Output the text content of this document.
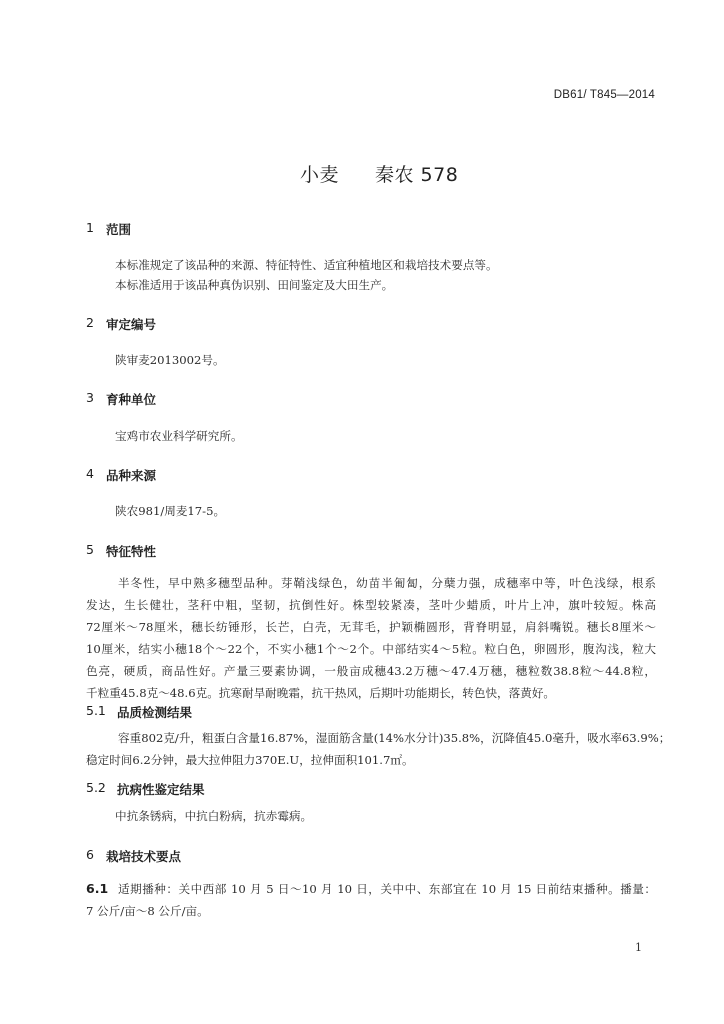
DB61/ T845—2014
小麦 秦农 578
1 范围
本标准规定了该品种的来源、特征特性、适宜种植地区和栽培技术要点等。
本标准适用于该品种真伪识别、田间鉴定及大田生产。
2 审定编号
陕审麦2013002号。
3 育种单位
宝鸡市农业科学研究所。
4 品种来源
陕农981/周麦17-5。
5 特征特性
半冬性，早中熟多穗型品种。芽鞘浅绿色，幼苗半匍匐，分蘖力强，成穗率中等，叶色浅绿，根系
发达，生长健壮，茎秆中粗，坚韧，抗倒性好。株型较紧凑，茎叶少蜡质，叶片上冲，旗叶较短。株高
72厘米～78厘米，穗长纺锤形，长芒，白壳，无茸毛，护颖椭圆形，背脊明显，肩斜嘴锐。穗长8厘米～
10厘米，结实小穗18个～22个，不实小穗1个～2个。中部结实4～5粒。粒白色，卵圆形，腹沟浅，粒大
色亮，硬质，商品性好。产量三要素协调，一般亩成穗43.2万穗～47.4万穗，穗粒数38.8粒～44.8粒，
千粒重45.8克～48.6克。抗寒耐旱耐晚霜，抗干热风，后期叶功能期长，转色快，落黄好。
5.1 品质检测结果
容重802克/升，粗蛋白含量16.87%，湿面筋含量(14%水分计)35.8%，沉降值45.0毫升，吸水率63.9%；
稳定时间6.2分钟，最大拉伸阻力370E.U，拉伸面积101.7㎡。
5.2 抗病性鉴定结果
中抗条锈病，中抗白粉病，抗赤霉病。
6 栽培技术要点
6.1 适期播种：关中西部 10 月 5 日～10 月 10 日，关中中、东部宜在 10 月 15 日前结束播种。播量：
7 公斤/亩～8 公斤/亩。
1
